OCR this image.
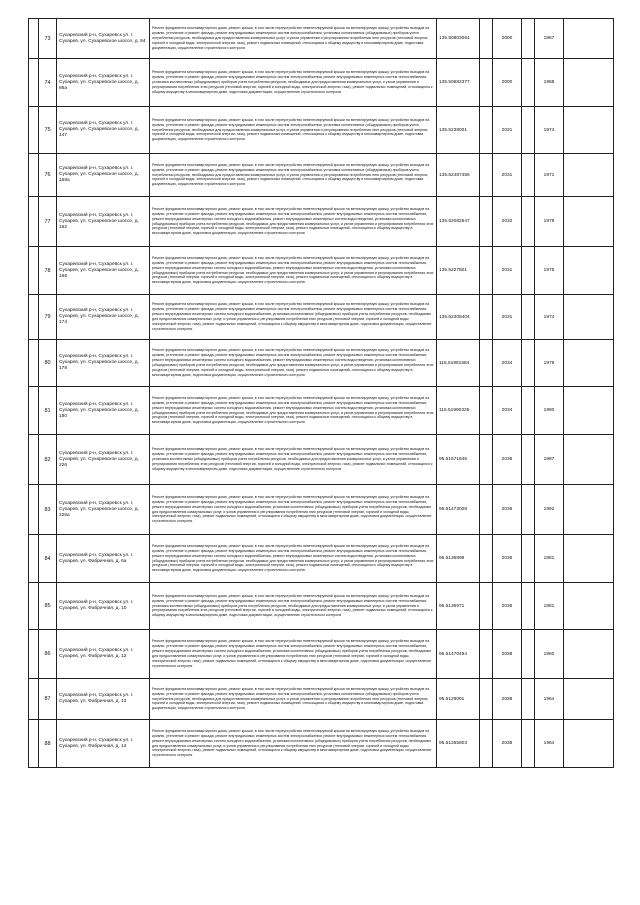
	73	Сухаревский р-н, Сухаревск ул. г. Сухарев, ул. Сухаревское шоссе, д. 84	Ремонт фундамента многоквартирного дома, ремонт крыши, в том числе переустройство невентилируемой крыши на вентилируемую крышу, устройство выходов на кровлю, утепление и ремонт фасада, ремонт внутридомовых инженерных систем электроснабжения, установка коллективных (общедомовых) приборов учета потребления ресурсов, необходимых для предоставления коммунальных услуг, и узлов управления и регулирования потребления этих ресурсов (тепловой энергии, горячей и холодной воды, электрической энергии, газа), ремонт подвальных помещений, относящихся к общему имуществу в многоквартирном доме, подготовка документации, осуществление строительного контроля	135.50803064		2000		1967	
	74	Сухаревский р-н, Сухаревск ул. г. Сухарев, ул. Сухаревское шоссе, д. 86а	Ремонт фундамента многоквартирного дома, ремонт крыши, в том числе переустройство невентилируемой крыши на вентилируемую крышу, устройство выходов на кровлю, утепление и ремонт фасада, ремонт внутридомовых инженерных систем электроснабжения, ремонт внутридомовых инженерных систем теплоснабжения, установка коллективных (общедомовых) приборов учета потребления ресурсов, необходимых для предоставления коммунальных услуг, и узлов управления и регулирования потребления этих ресурсов (тепловой энергии, горячей и холодной воды, электрической энергии, газа), ремонт подвальных помещений, относящихся к общему имуществу в многоквартирном доме, подготовка документации, осуществление строительного контроля	135.50682377		2000		1968	
	75	Сухаревский р-н, Сухаревск ул. г. Сухарев, ул. Сухаревское шоссе, д. 147	Ремонт фундамента многоквартирного дома, ремонт крыши, в том числе переустройство невентилируемой крыши на вентилируемую крышу, устройство выходов на кровлю, утепление и ремонт фасада, ремонт внутридомовых инженерных систем электроснабжения, установка коллективных (общедомовых) приборов учета потребления ресурсов, необходимых для предоставления коммунальных услуг, и узлов управления и регулирования потребления этих ресурсов (тепловой энергии, горячей и холодной воды, электрической энергии, газа), ремонт подвальных помещений, относящихся к общему имуществу в многоквартирном доме, подготовка документации, осуществление строительного контроля	135.5238001		2031		1974	
	76	Сухаревский р-н, Сухаревск ул. г. Сухарев, ул. Сухаревское шоссе, д. 158а	Ремонт фундамента многоквартирного дома, ремонт крыши, в том числе переустройство невентилируемой крыши на вентилируемую крышу, устройство выходов на кровлю, утепление и ремонт фасада, ремонт внутридомовых инженерных систем электроснабжения, установка коллективных (общедомовых) приборов учета потребления ресурсов, необходимых для предоставления коммунальных услуг, и узлов управления и регулирования потребления этих ресурсов (тепловой энергии, горячей и холодной воды, электрической энергии, газа), ремонт подвальных помещений, относящихся к общему имуществу в многоквартирном доме, подготовка документации, осуществление строительного контроля	135.52487456		2031		1971	
	77	Сухаревский р-н, Сухаревск ул. г. Сухарев, ул. Сухаревское шоссе, д. 162	Ремонт фундамента многоквартирного дома, ремонт крыши, в том числе переустройство невентилируемой крыши на вентилируемую крышу, устройство выходов на кровлю, утепление и ремонт фасада, ремонт внутридомовых инженерных систем электроснабжения, ремонт внутридомовых инженерных систем теплоснабжения, ремонт внутридомовых инженерных систем холодного водоснабжения, ремонт внутридомовых инженерных систем водоотведения, установка коллективных (общедомовых) приборов учета потребления ресурсов, необходимых для предоставления коммунальных услуг, и узлов управления и регулирования потребления этих ресурсов (тепловой энергии, горячей и холодной воды, электрической энергии, газа), ремонт подвальных помещений, относящихся к общему имуществу в многоквартирном доме, подготовка документации, осуществление строительного контроля	135.52082547		2032		1978	
	78	Сухаревский р-н, Сухаревск ул. г. Сухарев, ул. Сухаревское шоссе, д. 166	Ремонт фундамента многоквартирного дома, ремонт крыши, в том числе переустройство невентилируемой крыши на вентилируемую крышу, устройство выходов на кровлю, утепление и ремонт фасада, ремонт внутридомовых инженерных систем электроснабжения, ремонт внутридомовых инженерных систем теплоснабжения, ремонт внутридомовых инженерных систем холодного водоснабжения, ремонт внутридомовых инженерных систем водоотведения, установка коллективных (общедомовых) приборов учета потребления ресурсов, необходимых для предоставления коммунальных услуг, и узлов управления и регулирования потребления этих ресурсов (тепловой энергии, горячей и холодной воды, электрической энергии, газа), ремонт подвальных помещений, относящихся к общему имуществу в многоквартирном доме, подготовка документации, осуществление строительного контроля	135.5227801		2031		1975	
	79	Сухаревский р-н, Сухаревск ул. г. Сухарев, ул. Сухаревское шоссе, д. 174	Ремонт фундамента многоквартирного дома, ремонт крыши, в том числе переустройство невентилируемой крыши на вентилируемую крышу, устройство выходов на кровлю, утепление и ремонт фасада, ремонт внутридомовых инженерных систем электроснабжения, ремонт внутридомовых инженерных систем теплоснабжения, ремонт внутридомовых инженерных систем холодного водоснабжения, установка коллективных (общедомовых) приборов учета потребления ресурсов, необходимых для предоставления коммунальных услуг, и узлов управления и регулирования потребления этих ресурсов (тепловой энергии, горячей и холодной воды, электрической энергии, газа), ремонт подвальных помещений, относящихся к общему имуществу в многоквартирном доме, подготовка документации, осуществление строительного контроля	135.52308404		2031		1974	
	80	Сухаревский р-н, Сухаревск ул. г. Сухарев, ул. Сухаревское шоссе, д. 178	Ремонт фундамента многоквартирного дома, ремонт крыши, в том числе переустройство невентилируемой крыши на вентилируемую крышу, устройство выходов на кровлю, утепление и ремонт фасада, ремонт внутридомовых инженерных систем электроснабжения, ремонт внутридомовых инженерных систем теплоснабжения, ремонт внутридомовых инженерных систем холодного водоснабжения, ремонт внутридомовых инженерных систем водоотведения, установка коллективных (общедомовых) приборов учета потребления ресурсов, необходимых для предоставления коммунальных услуг, и узлов управления и регулирования потребления этих ресурсов (тепловой энергии, горячей и холодной воды, электрической энергии, газа), ремонт подвальных помещений, относящихся к общему имуществу в многоквартирном доме, подготовка документации, осуществление строительного контроля	115.51981584		2034		1979	
	81	Сухаревский р-н, Сухаревск ул. г. Сухарев, ул. Сухаревское шоссе, д. 180	Ремонт фундамента многоквартирного дома, ремонт крыши, в том числе переустройство невентилируемой крыши на вентилируемую крышу, устройство выходов на кровлю, утепление и ремонт фасада, ремонт внутридомовых инженерных систем электроснабжения, ремонт внутридомовых инженерных систем теплоснабжения, ремонт внутридомовых инженерных систем холодного водоснабжения, ремонт внутридомовых инженерных систем водоотведения, установка коллективных (общедомовых) приборов учета потребления ресурсов, необходимых для предоставления коммунальных услуг, и узлов управления и регулирования потребления этих ресурсов (тепловой энергии, горячей и холодной воды, электрической энергии, газа), ремонт подвальных помещений, относящихся к общему имуществу в многоквартирном доме, подготовка документации, осуществление строительного контроля	115.51990325		2034		1980	
	82	Сухаревский р-н, Сухаревск ул. г. Сухарев, ул. Сухаревское шоссе, д. 226	Ремонт фундамента многоквартирного дома, ремонт крыши, в том числе переустройство невентилируемой крыши на вентилируемую крышу, устройство выходов на кровлю, утепление и ремонт фасада, ремонт внутридомовых инженерных систем электроснабжения, ремонт внутридомовых инженерных систем теплоснабжения, установка коллективных (общедомовых) приборов учета потребления ресурсов, необходимых для предоставления коммунальных услуг, и узлов управления и регулирования потребления этих ресурсов (тепловой энергии, горячей и холодной воды, электрической энергии, газа), ремонт подвальных помещений, относящихся к общему имуществу в многоквартирном доме, подготовка документации, осуществление строительного контроля	95.51671846		2036		1987	
	83	Сухаревский р-н, Сухаревск ул. г. Сухарев, ул. Сухаревское шоссе, д. 226а	Ремонт фундамента многоквартирного дома, ремонт крыши, в том числе переустройство невентилируемой крыши на вентилируемую крышу, устройство выходов на кровлю, утепление и ремонт фасада, ремонт внутридомовых инженерных систем электроснабжения, ремонт внутридомовых инженерных систем теплоснабжения, ремонт внутридомовых инженерных систем холодного водоснабжения, установка коллективных (общедомовых) приборов учета потребления ресурсов, необходимых для предоставления коммунальных услуг, и узлов управления и регулирования потребления этих ресурсов (тепловой энергии, горячей и холодной воды, электрической энергии, газа), ремонт подвальных помещений, относящихся к общему имуществу в многоквартирном доме, подготовка документации, осуществление строительного контроля	95.51473008		2036		1992	
	84	Сухаревский р-н, Сухаревск ул. г. Сухарев, ул. Фабричная, д. 6а	Ремонт фундамента многоквартирного дома, ремонт крыши, в том числе переустройство невентилируемой крыши на вентилируемую крышу, устройство выходов на кровлю, утепление и ремонт фасада, ремонт внутридомовых инженерных систем электроснабжения, ремонт внутридомовых инженерных систем теплоснабжения, ремонт внутридомовых инженерных систем холодного водоснабжения, ремонт внутридомовых инженерных систем водоотведения, установка коллективных (общедомовых) приборов учета потребления ресурсов, необходимых для предоставления коммунальных услуг, и узлов управления и регулирования потребления этих ресурсов (тепловой энергии, горячей и холодной воды, электрической энергии, газа), ремонт подвальных помещений, относящихся к общему имуществу в многоквартирном доме, подготовка документации, осуществление строительного контроля	95.5136898		2036		1981	
	85	Сухаревский р-н, Сухаревск ул. г. Сухарев, ул. Фабричная, д. 10	Ремонт фундамента многоквартирного дома, ремонт крыши, в том числе переустройство невентилируемой крыши на вентилируемую крышу, устройство выходов на кровлю, утепление и ремонт фасада, ремонт внутридомовых инженерных систем электроснабжения, ремонт внутридомовых инженерных систем теплоснабжения, установка коллективных (общедомовых) приборов учета потребления ресурсов, необходимых для предоставления коммунальных услуг, и узлов управления и регулирования потребления этих ресурсов (тепловой энергии, горячей и холодной воды, электрической энергии, газа), ремонт подвальных помещений, относящихся к общему имуществу в многоквартирном доме, подготовка документации, осуществление строительного контроля	95.5136971		2036		1981	
	86	Сухаревский р-н, Сухаревск ул. г. Сухарев, ул. Фабричная, д. 12	Ремонт фундамента многоквартирного дома, ремонт крыши, в том числе переустройство невентилируемой крыши на вентилируемую крышу, устройство выходов на кровлю, утепление и ремонт фасада, ремонт внутридомовых инженерных систем электроснабжения, ремонт внутридомовых инженерных систем теплоснабжения, ремонт внутридомовых инженерных систем холодного водоснабжения, установка коллективных (общедомовых) приборов учета потребления ресурсов, необходимых для предоставления коммунальных услуг, и узлов управления и регулирования потребления этих ресурсов (тепловой энергии, горячей и холодной воды, электрической энергии, газа), ремонт подвальных помещений, относящихся к общему имуществу в многоквартирном доме, подготовка документации, осуществление строительного контроля	95.51470494		2038		1960	
	87	Сухаревский р-н, Сухаревск ул. г. Сухарев, ул. Фабричная, д. 13	Ремонт фундамента многоквартирного дома, ремонт крыши, в том числе переустройство невентилируемой крыши на вентилируемую крышу, устройство выходов на кровлю, утепление и ремонт фасада, ремонт внутридомовых инженерных систем электроснабжения, установка коллективных (общедомовых) приборов учета потребления ресурсов, необходимых для предоставления коммунальных услуг, и узлов управления и регулирования потребления этих ресурсов (тепловой энергии, горячей и холодной воды, электрической энергии, газа), ремонт подвальных помещений, относящихся к общему имуществу в многоквартирном доме, подготовка документации, осуществление строительного контроля	95.5129001		2038		1964	
	88	Сухаревский р-н, Сухаревск ул. г. Сухарев, ул. Фабричная, д. 14	Ремонт фундамента многоквартирного дома, ремонт крыши, в том числе переустройство невентилируемой крыши на вентилируемую крышу, устройство выходов на кровлю, утепление и ремонт фасада, ремонт внутридомовых инженерных систем электроснабжения, ремонт внутридомовых инженерных систем теплоснабжения, ремонт внутридомовых инженерных систем холодного водоснабжения, установка коллективных (общедомовых) приборов учета потребления ресурсов, необходимых для предоставления коммунальных услуг, и узлов управления и регулирования потребления этих ресурсов (тепловой энергии, горячей и холодной воды, электрической энергии, газа), ремонт подвальных помещений, относящихся к общему имуществу в многоквартирном доме, подготовка документации, осуществление строительного контроля	95.51265803		2038		1964	
